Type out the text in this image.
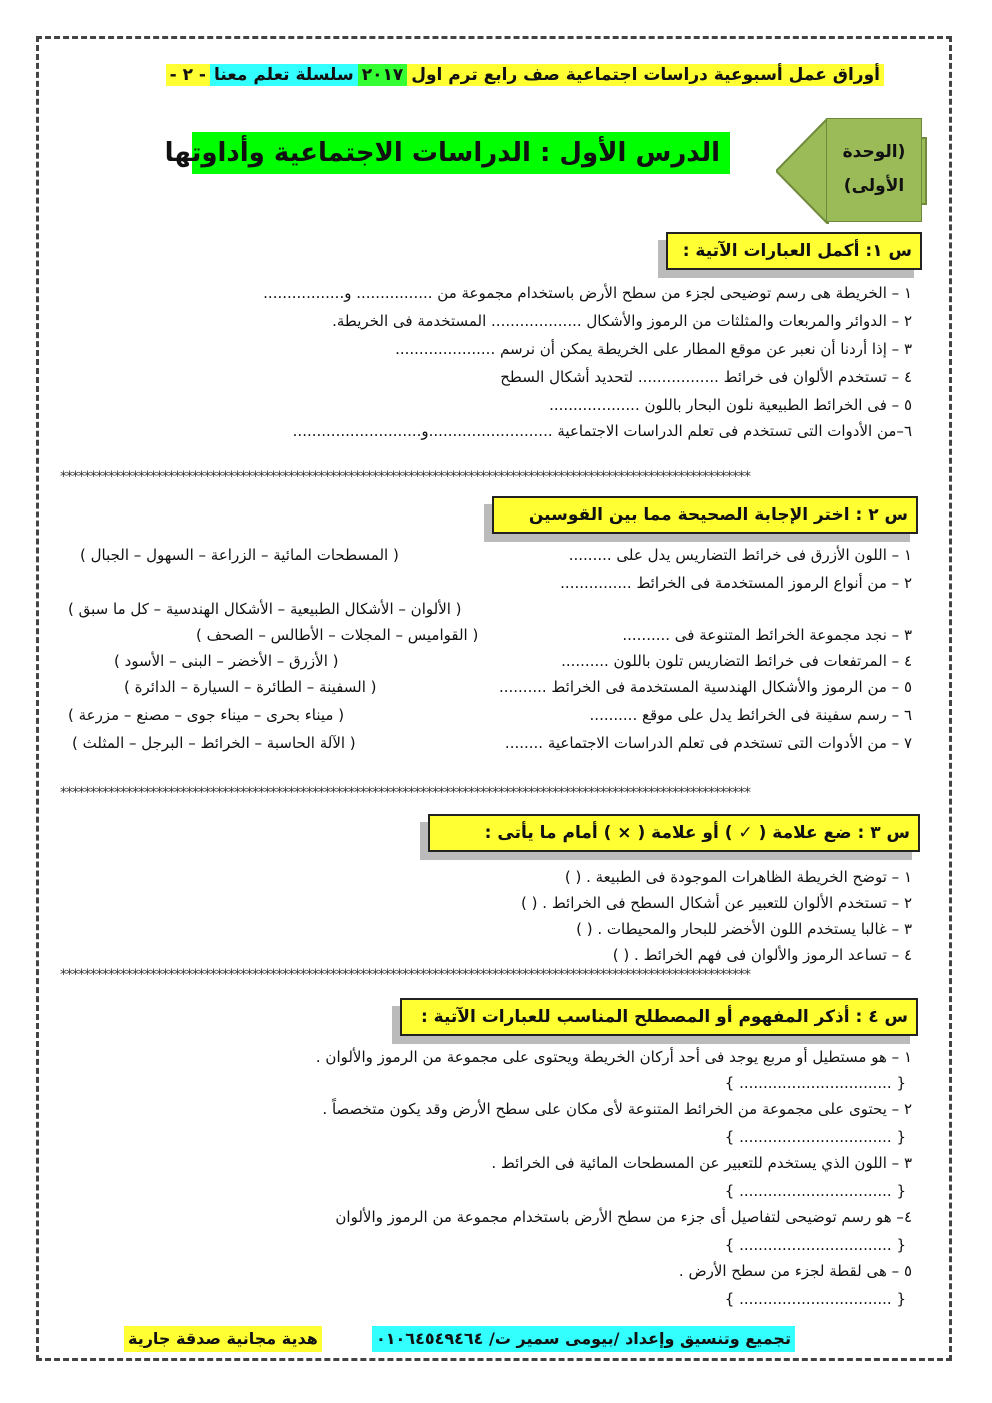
أوراق عمل أسبوعية دراسات اجتماعية صف رابع ترم اول
٢٠١٧
سلسلة تعلم معنا
- ٢ -
الدرس الأول : الدراسات الاجتماعية وأداوتها	(الوحدة
الأولى)
س ١: أكمل العبارات الآتية :
١ – الخريطة هى رسم توضيحى لجزء من سطح الأرض باستخدام مجموعة من ................ و.................
٢ – الدوائر والمربعات والمثلثات من الرموز والأشكال ................... المستخدمة فى الخريطة.
٣ – إذا أردنا أن نعبر عن موقع المطار على الخريطة يمكن أن نرسم .....................
٤ – تستخدم الألوان فى خرائط ................. لتحديد أشكال السطح
٥ – فى الخرائط الطبيعية نلون البحار باللون ...................
٦–من الأدوات التى تستخدم فى تعلم الدراسات الاجتماعية ..........................و...........................
*******************************************************************************************************************
س ٢ : اختر الإجابة الصحيحة مما بين القوسين
١ – اللون الأزرق فى خرائط التضاريس يدل على .........
( المسطحات المائية – الزراعة – السهول – الجبال )
٢ – من أنواع الرموز المستخدمة فى الخرائط ...............
( الألوان – الأشكال الطبيعية – الأشكال الهندسية – كل ما سبق )
٣ – نجد مجموعة الخرائط المتنوعة فى ..........
( القواميس – المجلات – الأطالس – الصحف )
٤ – المرتفعات فى خرائط التضاريس تلون باللون ..........
( الأزرق – الأخضر – البنى – الأسود )
٥ – من الرموز والأشكال الهندسية المستخدمة فى الخرائط ..........
( السفينة – الطائرة – السيارة – الدائرة )
٦ – رسم سفينة فى الخرائط يدل على موقع ..........
( ميناء بحرى – ميناء جوى – مصنع – مزرعة )
٧ – من الأدوات التى تستخدم فى تعلم الدراسات الاجتماعية ........
( الآلة الحاسبة – الخرائط – البرجل – المثلث )
*******************************************************************************************************************
س ٣ : ضع علامة ( ✓ ) أو علامة ( × ) أمام ما يأتى :
١ – توضح الخريطة الظاهرات الموجودة فى الطبيعة . ( )
٢ – تستخدم الألوان للتعبير عن أشكال السطح فى الخرائط . ( )
٣ – غالبا يستخدم اللون الأخضر للبحار والمحيطات . ( )
٤ – تساعد الرموز والألوان فى فهم الخرائط . ( )
*******************************************************************************************************************
س ٤ : أذكر المفهوم أو المصطلح المناسب للعبارات الآتية :
١ – هو مستطيل أو مربع يوجد فى أحد أركان الخريطة ويحتوى على مجموعة من الرموز والألوان .
{ ................................ }
٢ – يحتوى على مجموعة من الخرائط المتنوعة لأى مكان على سطح الأرض وقد يكون متخصصاً .
{ ................................ }
٣ – اللون الذي يستخدم للتعبير عن المسطحات المائية فى الخرائط .
{ ................................ }
٤– هو رسم توضيحى لتفاصيل أى جزء من سطح الأرض باستخدام مجموعة من الرموز والألوان
{ ................................ }
٥ – هى لقطة لجزء من سطح الأرض .
{ ................................ }
تجميع وتنسيق وإعداد /بيومى سمير ت/ ٠١٠٦٤٥٤٩٤٦٤
هدية مجانية صدقة جارية
